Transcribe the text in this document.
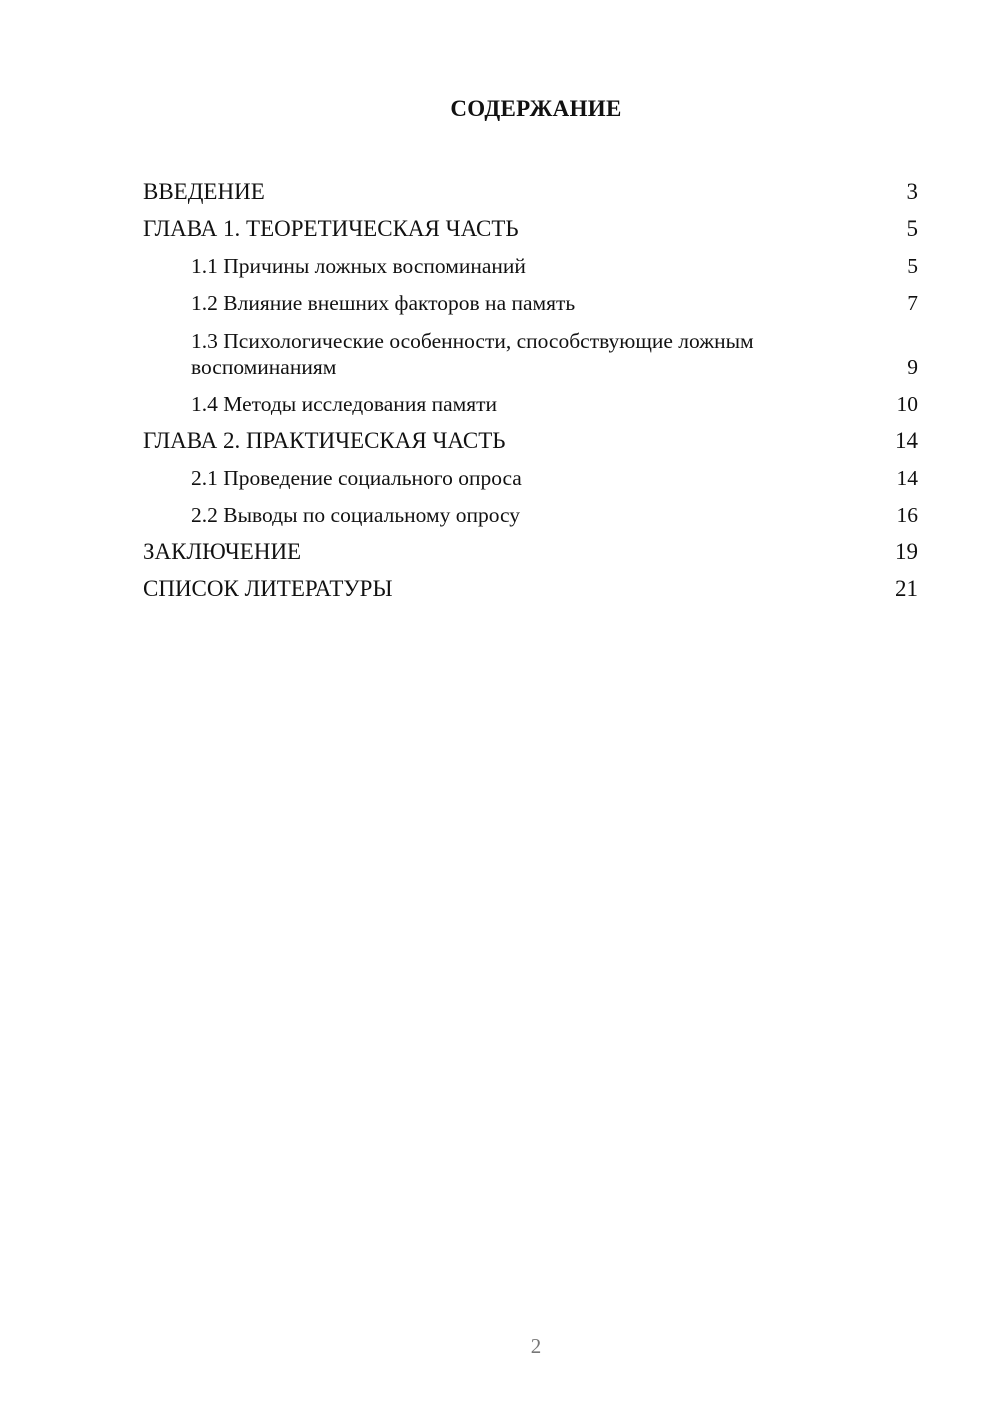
СОДЕРЖАНИЕ
ВВЕДЕНИЕ	3
ГЛАВА 1. ТЕОРЕТИЧЕСКАЯ ЧАСТЬ	5
1.1 Причины ложных воспоминаний	5
1.2 Влияние внешних факторов на память	7
1.3 Психологические особенности, способствующие ложным воспоминаниям	9
1.4 Методы исследования памяти	10
ГЛАВА 2. ПРАКТИЧЕСКАЯ ЧАСТЬ	14
2.1 Проведение социального опроса	14
2.2 Выводы по социальному опросу	16
ЗАКЛЮЧЕНИЕ	19
СПИСОК ЛИТЕРАТУРЫ	21
2
